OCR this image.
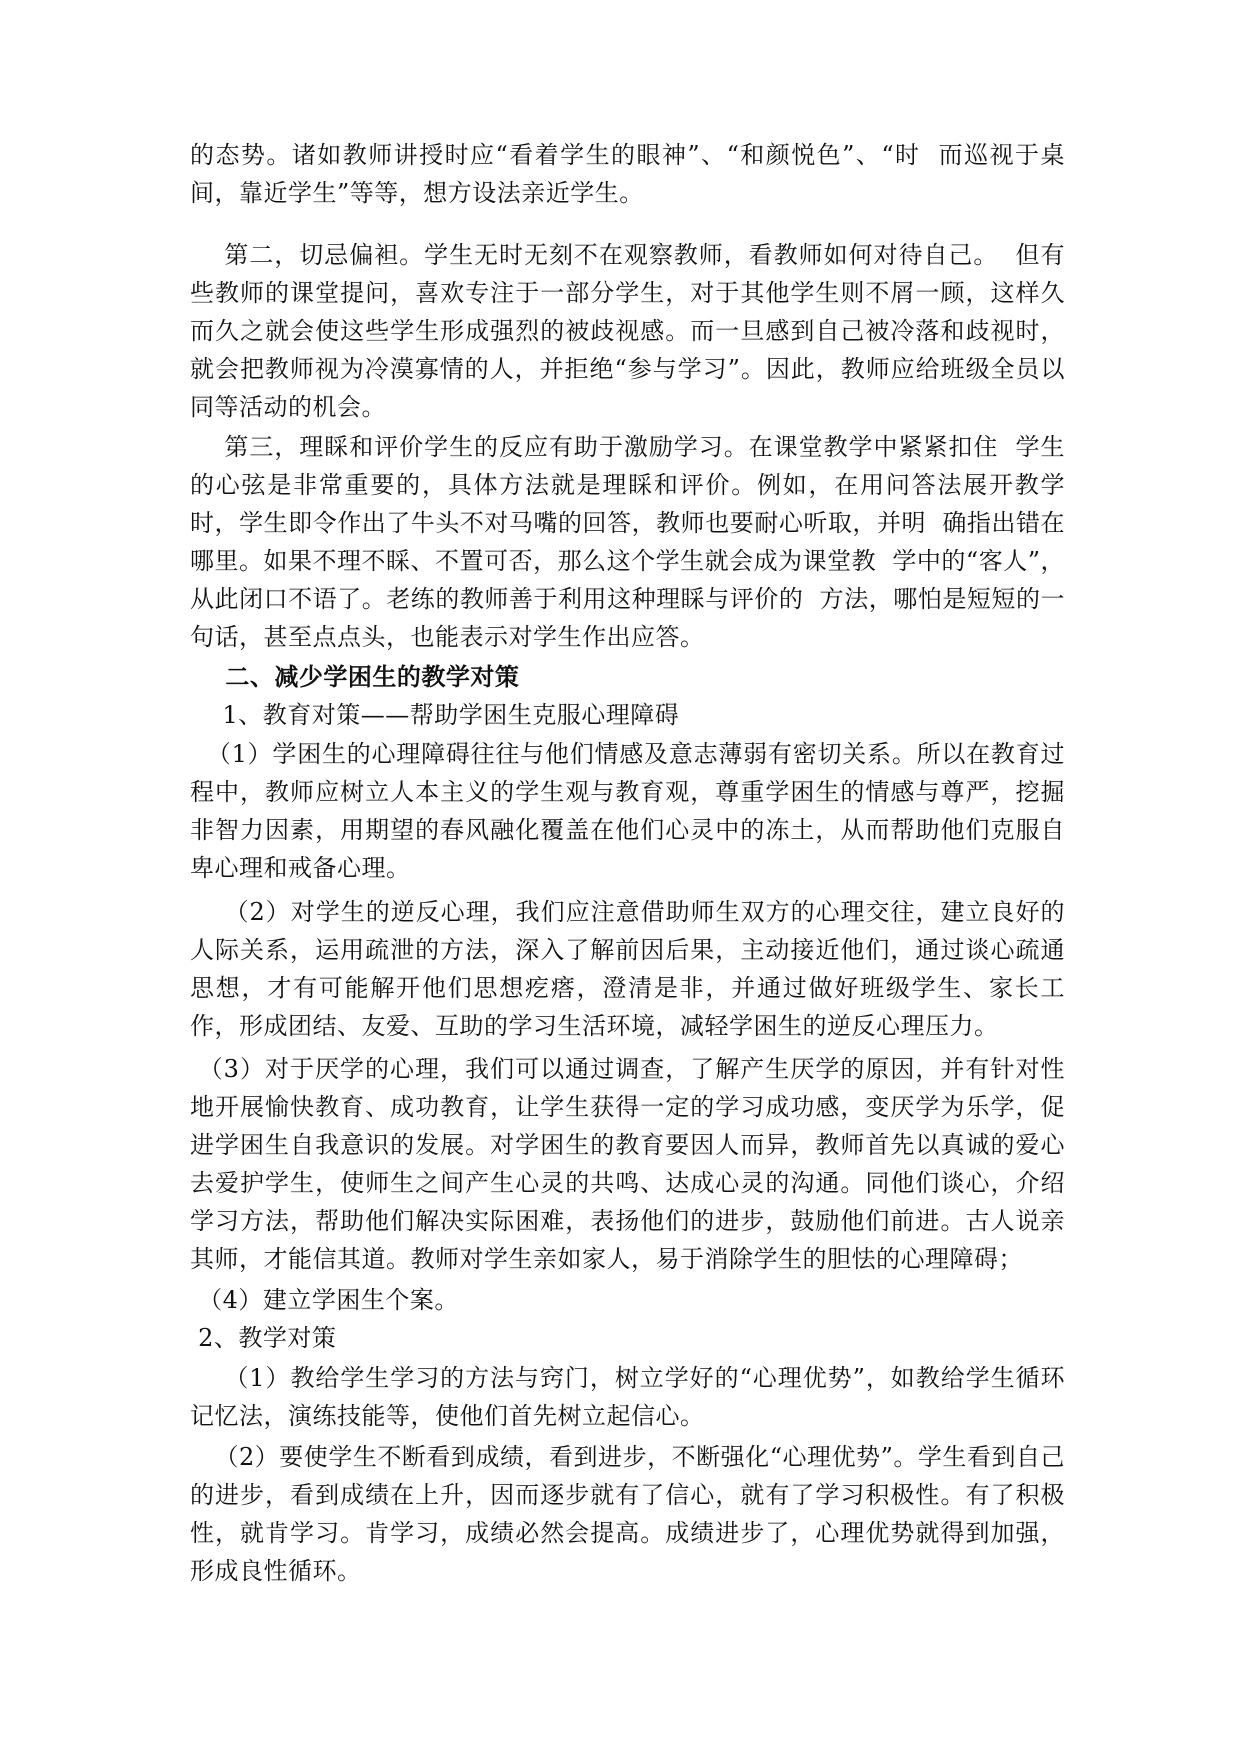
的态势。诸如教师讲授时应“看着学生的眼神”、“和颜悦色”、“时  而巡视于桌间，靠近学生”等等，想方设法亲近学生。

第二，切忌偏袒。学生无时无刻不在观察教师，看教师如何对待自己。  但有些教师的课堂提问，喜欢专注于一部分学生，对于其他学生则不屑一顾，这样久而久之就会使这些学生形成强烈的被歧视感。而一旦感到自己被冷落和歧视时，就会把教师视为冷漠寡情的人，并拒绝“参与学习”。因此，教师应给班级全员以同等活动的机会。

第三，理睬和评价学生的反应有助于激励学习。在课堂教学中紧紧扣住  学生的心弦是非常重要的，具体方法就是理睬和评价。例如，在用问答法展开教学时，学生即令作出了牛头不对马嘴的回答，教师也要耐心听取，并明  确指出错在哪里。如果不理不睬、不置可否，那么这个学生就会成为课堂教  学中的“客人”，从此闭口不语了。老练的教师善于利用这种理睬与评价的  方法，哪怕是短短的一句话，甚至点点头，也能表示对学生作出应答。

二、减少学困生的教学对策

1、教育对策——帮助学困生克服心理障碍

（1）学困生的心理障碍往往与他们情感及意志薄弱有密切关系。所以在教育过程中，教师应树立人本主义的学生观与教育观，尊重学困生的情感与尊严，挖掘非智力因素，用期望的春风融化覆盖在他们心灵中的冻土，从而帮助他们克服自卑心理和戒备心理。

（2）对学生的逆反心理，我们应注意借助师生双方的心理交往，建立良好的人际关系，运用疏泄的方法，深入了解前因后果，主动接近他们，通过谈心疏通思想，才有可能解开他们思想疙瘩，澄清是非，并通过做好班级学生、家长工作，形成团结、友爱、互助的学习生活环境，减轻学困生的逆反心理压力。

（3）对于厌学的心理，我们可以通过调查，了解产生厌学的原因，并有针对性地开展愉快教育、成功教育，让学生获得一定的学习成功感，变厌学为乐学，促进学困生自我意识的发展。对学困生的教育要因人而异，教师首先以真诚的爱心去爱护学生，使师生之间产生心灵的共鸣、达成心灵的沟通。同他们谈心，介绍学习方法，帮助他们解决实际困难，表扬他们的进步，鼓励他们前进。古人说亲其师，才能信其道。教师对学生亲如家人，易于消除学生的胆怯的心理障碍；

（4）建立学困生个案。

2、教学对策

（1）教给学生学习的方法与窍门，树立学好的“心理优势”，如教给学生循环记忆法，演练技能等，使他们首先树立起信心。

（2）要使学生不断看到成绩，看到进步，不断强化“心理优势”。学生看到自己的进步，看到成绩在上升，因而逐步就有了信心，就有了学习积极性。有了积极性，就肯学习。肯学习，成绩必然会提高。成绩进步了，心理优势就得到加强，形成良性循环。
